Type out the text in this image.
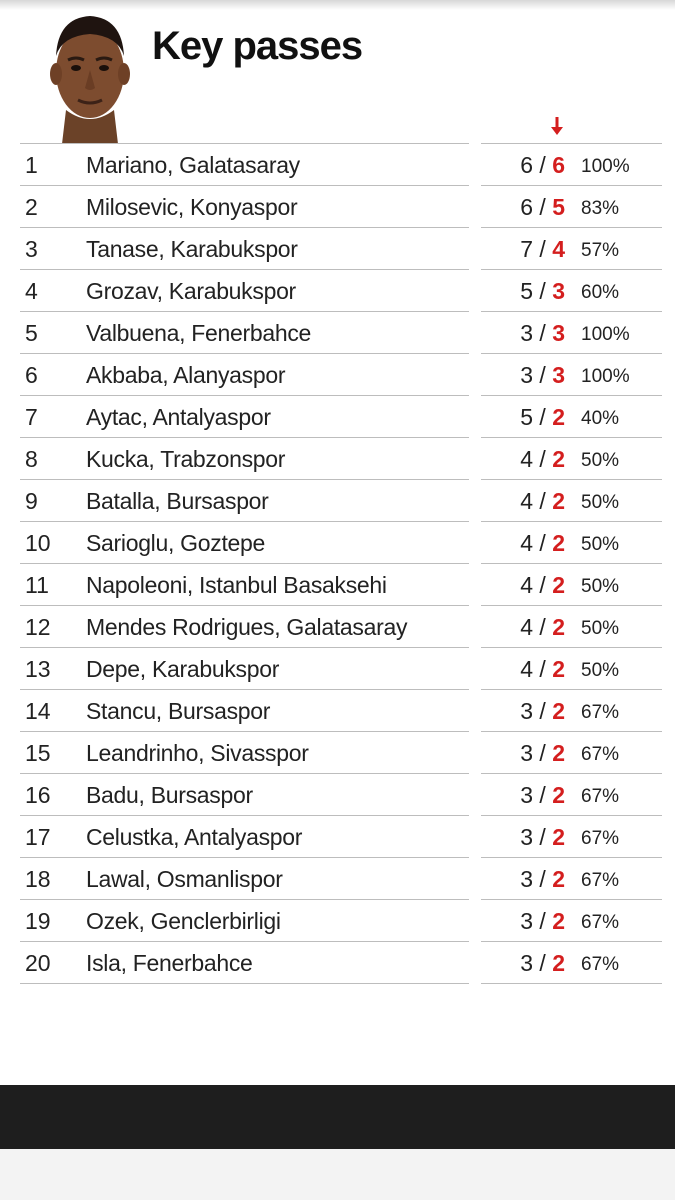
Key passes
1 Mariano, Galatasaray	6 / 6 100%
2 Milosevic, Konyaspor	6 / 5 83%
3 Tanase, Karabukspor	7 / 4 57%
4 Grozav, Karabukspor	5 / 3 60%
5 Valbuena, Fenerbahce	3 / 3 100%
6 Akbaba, Alanyaspor	3 / 3 100%
7 Aytac, Antalyaspor	5 / 2 40%
8 Kucka, Trabzonspor	4 / 2 50%
9 Batalla, Bursaspor	4 / 2 50%
10 Sarioglu, Goztepe	4 / 2 50%
11 Napoleoni, Istanbul Basaksehi	4 / 2 50%
12 Mendes Rodrigues, Galatasaray	4 / 2 50%
13 Depe, Karabukspor	4 / 2 50%
14 Stancu, Bursaspor	3 / 2 67%
15 Leandrinho, Sivasspor	3 / 2 67%
16 Badu, Bursaspor	3 / 2 67%
17 Celustka, Antalyaspor	3 / 2 67%
18 Lawal, Osmanlispor	3 / 2 67%
19 Ozek, Genclerbirligi	3 / 2 67%
20 Isla, Fenerbahce	3 / 2 67%
